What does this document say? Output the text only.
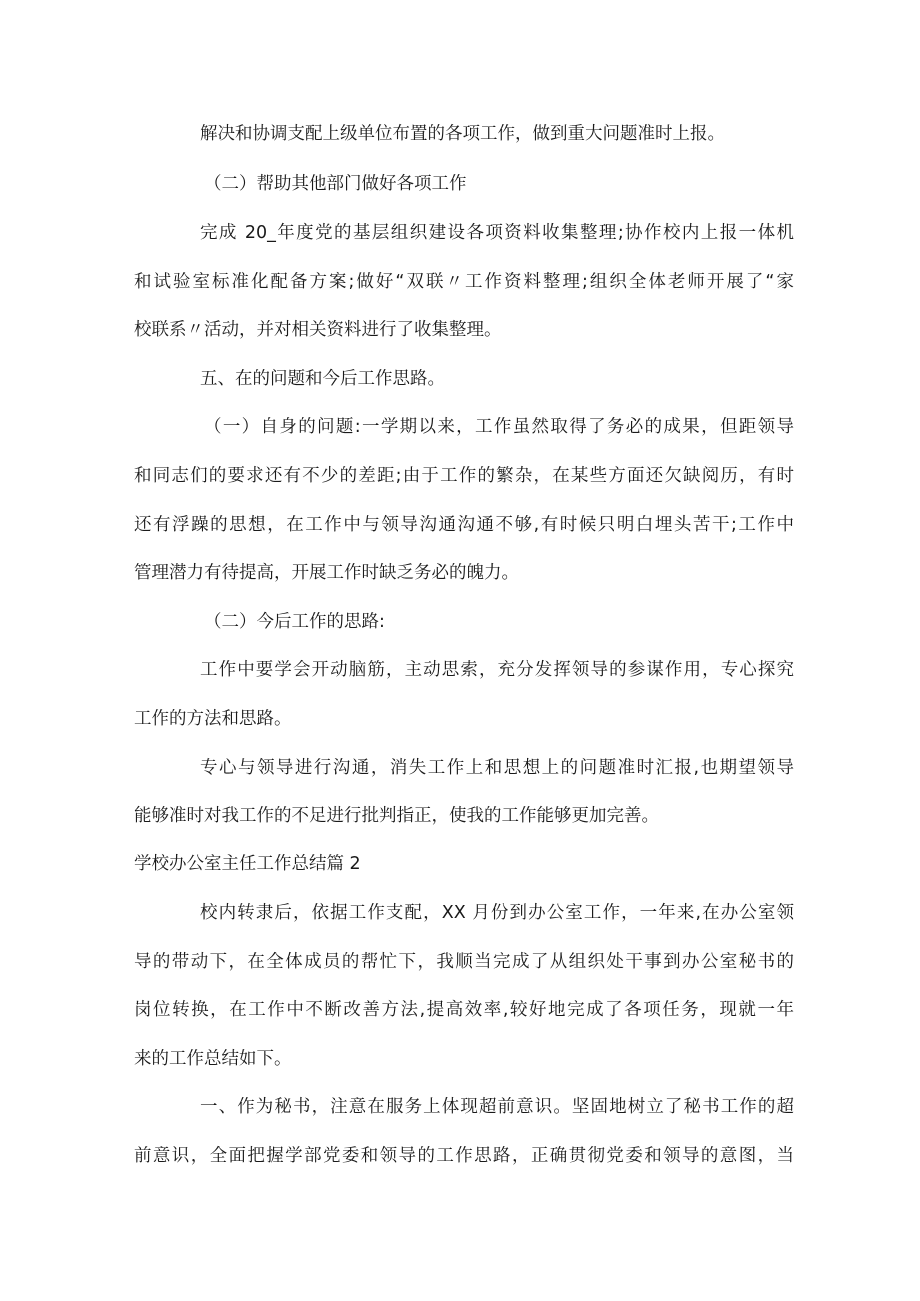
解决和协调支配上级单位布置的各项工作，做到重大问题准时上报。
（二）帮助其他部门做好各项工作
完成 20_年度党的基层组织建设各项资料收集整理;协作校内上报一体机
和试验室标准化配备方案;做好“双联〃工作资料整理;组织全体老师开展了“家
校联系〃活动，并对相关资料进行了收集整理。
五、在的问题和今后工作思路。
（一）自身的问题:一学期以来，工作虽然取得了务必的成果，但距领导
和同志们的要求还有不少的差距;由于工作的繁杂，在某些方面还欠缺阅历，有时
还有浮躁的思想，在工作中与领导沟通沟通不够,有时候只明白埋头苦干;工作中
管理潜力有待提高，开展工作时缺乏务必的魄力。
（二）今后工作的思路:
工作中要学会开动脑筋，主动思索，充分发挥领导的参谋作用，专心探究
工作的方法和思路。
专心与领导进行沟通，消失工作上和思想上的问题准时汇报,也期望领导
能够准时对我工作的不足进行批判指正，使我的工作能够更加完善。
学校办公室主任工作总结篇 2
校内转隶后，依据工作支配，XX 月份到办公室工作，一年来,在办公室领
导的带动下，在全体成员的帮忙下，我顺当完成了从组织处干事到办公室秘书的
岗位转换，在工作中不断改善方法,提高效率,较好地完成了各项任务，现就一年
来的工作总结如下。
一、作为秘书，注意在服务上体现超前意识。坚固地树立了秘书工作的超
前意识，全面把握学部党委和领导的工作思路，正确贯彻党委和领导的意图，当
